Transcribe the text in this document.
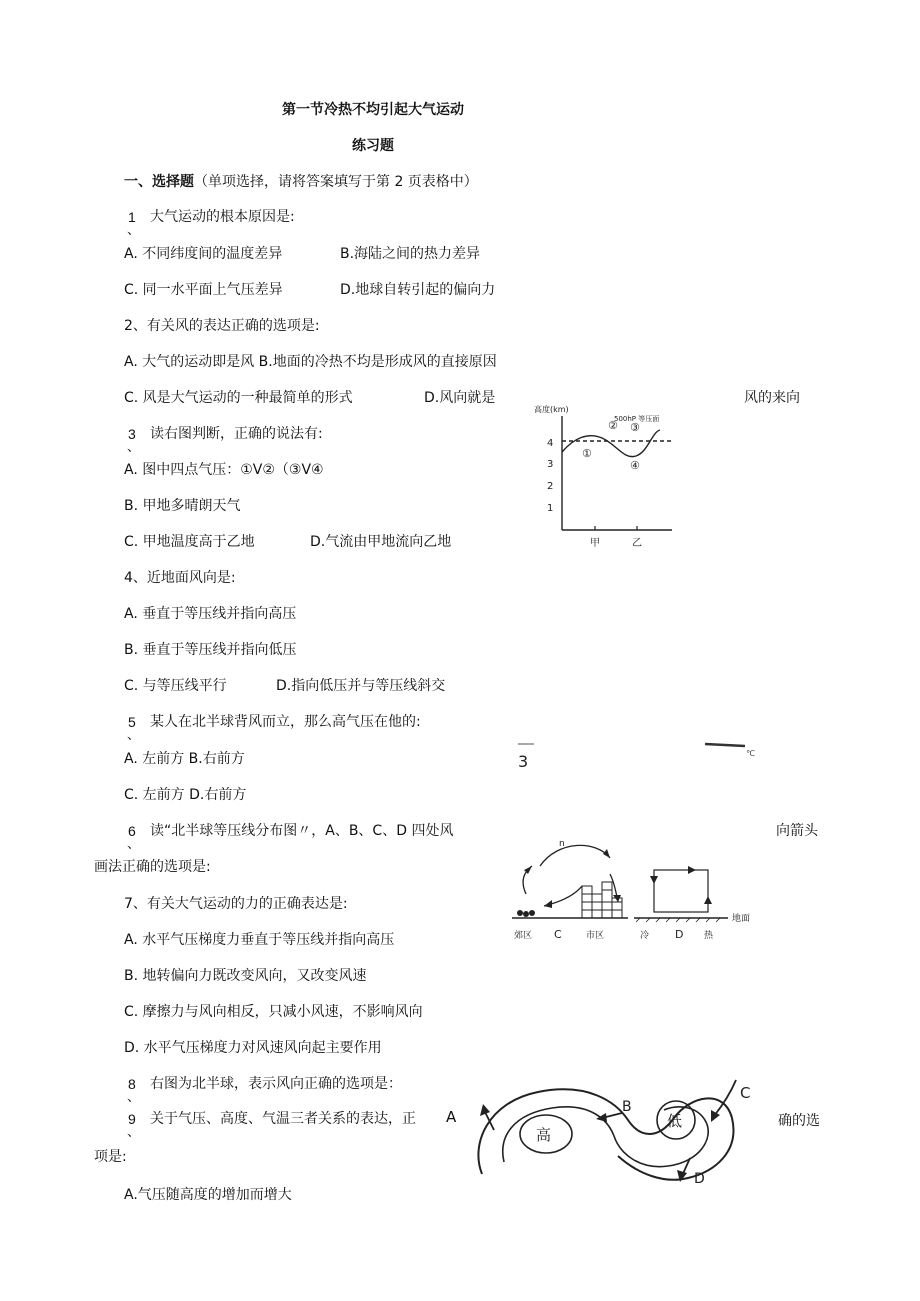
第一节冷热不均引起大气运动
练习题
一、选择题（单项选择，请将答案填写于第 2 页表格中）
1
、
大气运动的根本原因是:
A. 不同纬度间的温度差异	B.海陆之间的热力差异
C. 同一水平面上气压差异	D.地球自转引起的偏向力
2、有关风的表达正确的选项是:
A. 大气的运动即是风 B.地面的冷热不均是形成风的直接原因
C. 风是大气运动的一种最简单的形式	D.风向就是	风的来向
3
、
读右图判断，正确的说法有:
A. 图中四点气压：①V②（③V④
B. 甲地多晴朗天气
C. 甲地温度高于乙地	D.气流由甲地流向乙地
高度(km)
500hP 等压面
4
3
2
1
①
② ③
④
甲	乙
4、近地面风向是:
A. 垂直于等压线并指向高压
B. 垂直于等压线并指向低压
C. 与等压线平行	D.指向低压并与等压线斜交
5
、
某人在北半球背风而立，那么高气压在他的:
A. 左前方 B.右前方
C. 左前方 D.右前方
3	℃
6
、
读“北半球等压线分布图〃，A、B、C、D 四处风	向箭头
画法正确的选项是:
n
郊区 C	市区
地面
冷 D 热
7、有关大气运动的力的正确表达是:
A. 水平气压梯度力垂直于等压线并指向高压
B. 地转偏向力既改变风向，又改变风速
C. 摩擦力与风向相反，只减小风速，不影响风向
D. 水平气压梯度力对风速风向起主要作用
8
、
右图为北半球，表示风向正确的选项是：
9
、
关于气压、高度、气温三者关系的表达，正	确的选
项是:
A.气压随高度的增加而增大
高
低
B
C
D
A
